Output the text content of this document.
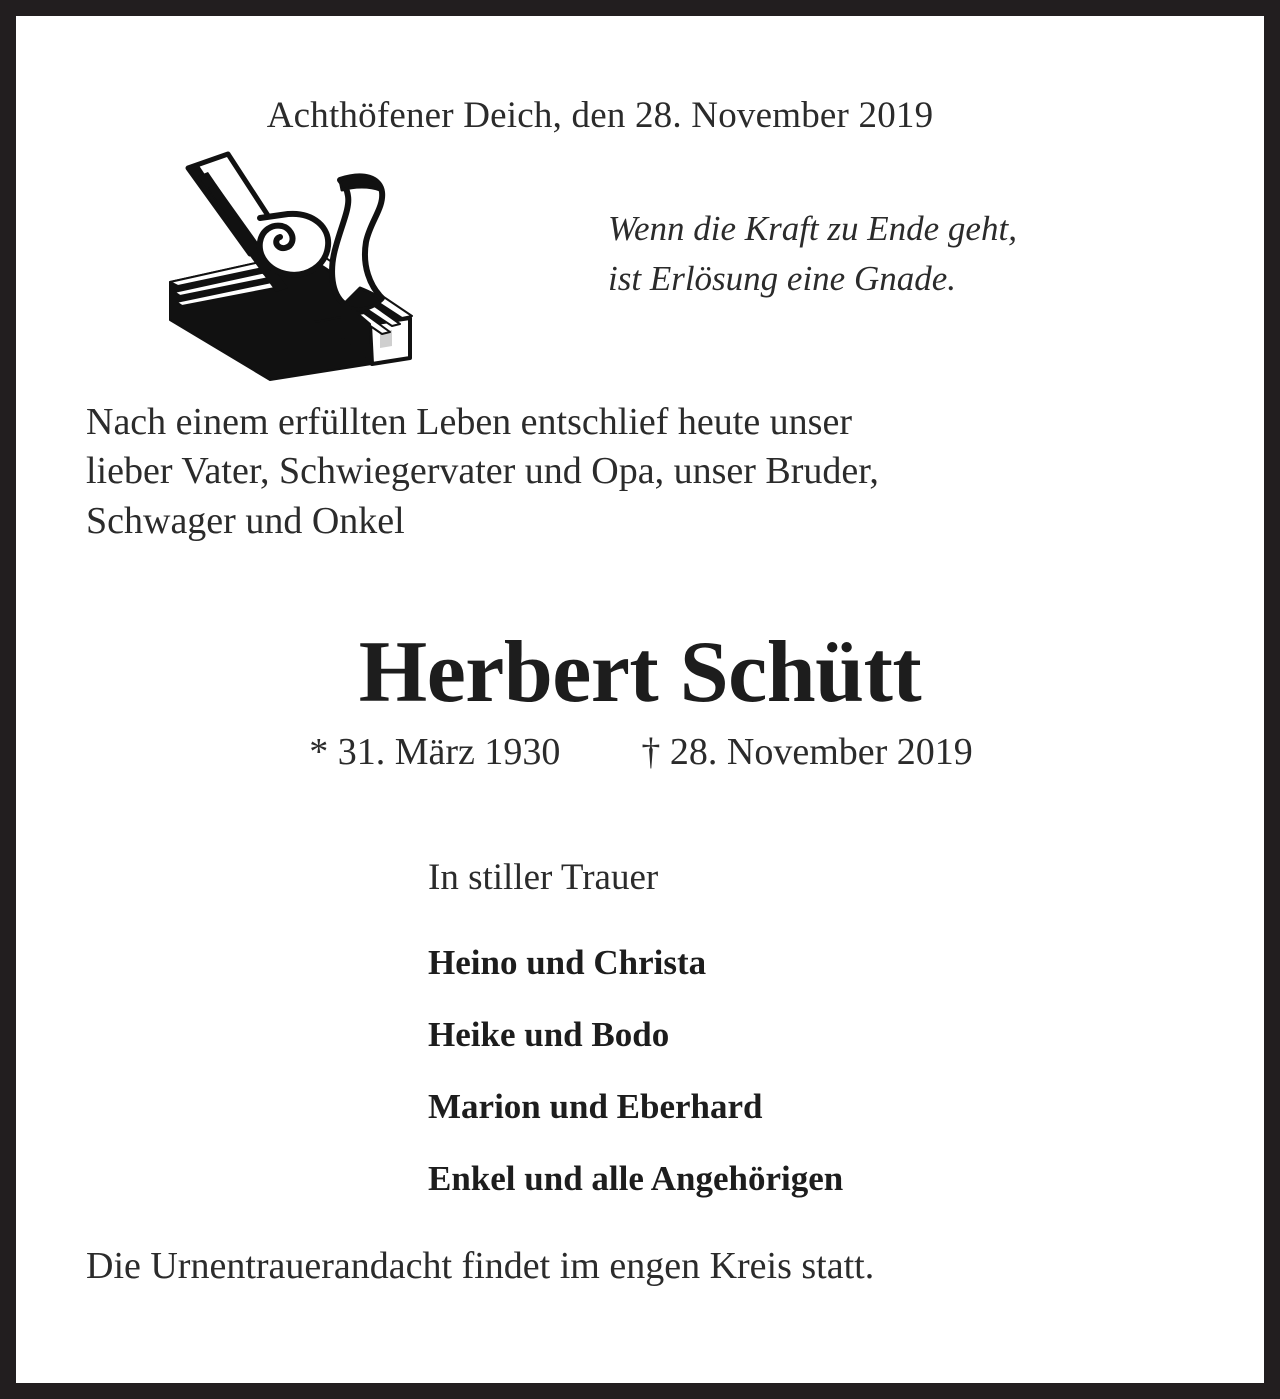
Achthöfener Deich, den 28. November 2019
Wenn die Kraft zu Ende geht,
ist Erlösung eine Gnade.
Nach einem erfüllten Leben entschlief heute unser
lieber Vater, Schwiegervater und Opa, unser Bruder,
Schwager und Onkel
Herbert Schütt
* 31. März 1930 † 28. November 2019
In stiller Trauer
Heino und Christa
Heike und Bodo
Marion und Eberhard
Enkel und alle Angehörigen
Die Urnentrauerandacht findet im engen Kreis statt.
